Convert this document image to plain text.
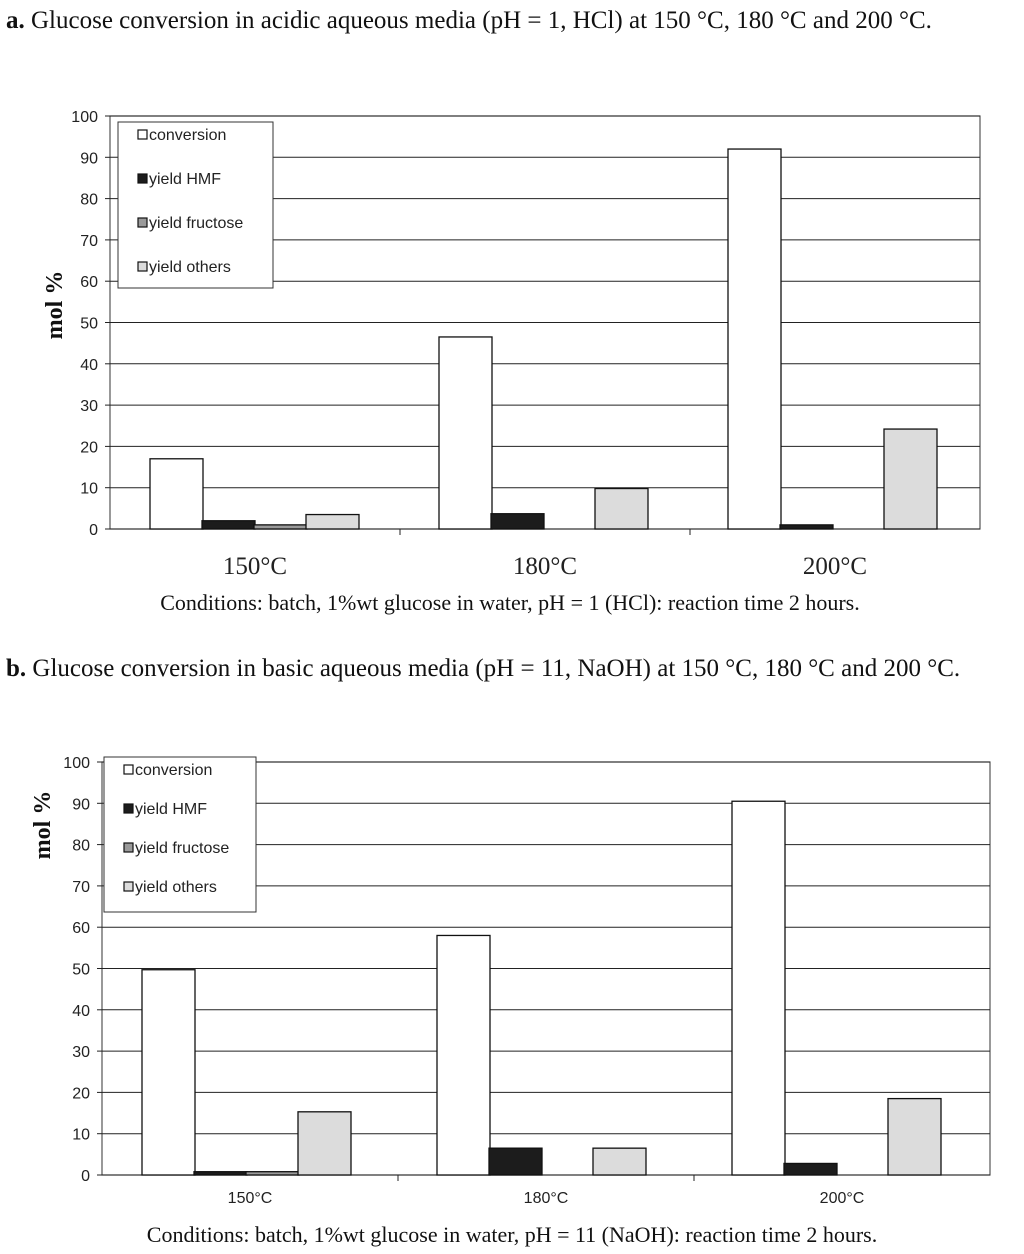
a. Glucose conversion in acidic aqueous media (pH = 1, HCl) at 150 °C, 180 °C and 200 °C.

0
10
20
30
40
50
60
70
80
90
100
mol %
150°C	180°C	200°C
conversion
yield HMF
yield fructose
yield others

Conditions: batch, 1%wt glucose in water, pH = 1 (HCl): reaction time 2 hours.

b. Glucose conversion in basic aqueous media (pH = 11, NaOH) at 150 °C, 180 °C and 200 °C.

0
10
20
30
40
50
60
70
80
90
100
mol %
150°C	180°C	200°C
conversion
yield HMF
yield fructose
yield others

Conditions: batch, 1%wt glucose in water, pH = 11 (NaOH): reaction time 2 hours.
